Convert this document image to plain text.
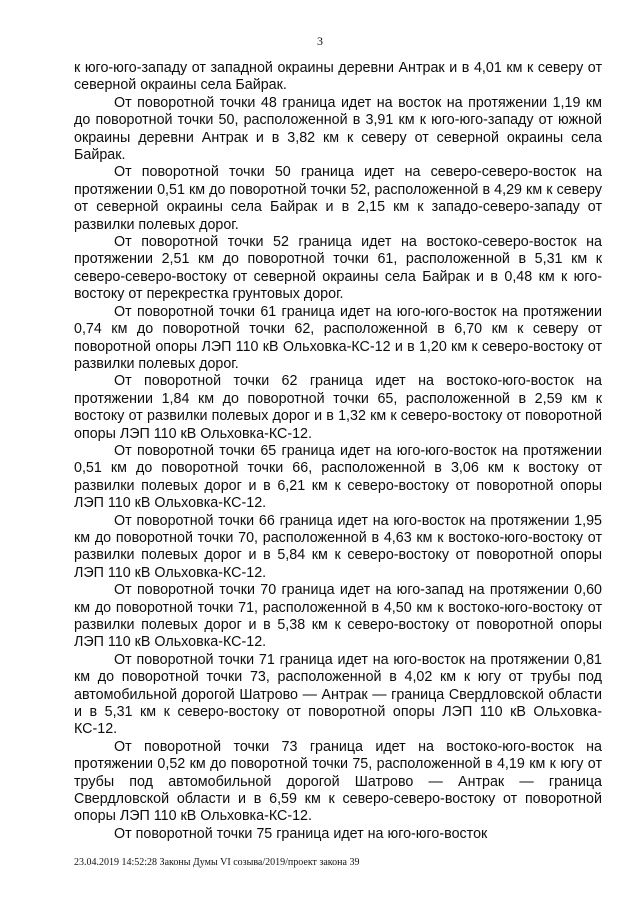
3

к юго-юго-западу от западной окраины деревни Антрак и в 4,01 км к северу от северной окраины села Байрак.

От поворотной точки 48 граница идет на восток на протяжении 1,19 км до поворотной точки 50, расположенной в 3,91 км к юго-юго-западу от южной окраины деревни Антрак и в 3,82 км к северу от северной окраины села Байрак.

От поворотной точки 50 граница идет на северо-северо-восток на протяжении 0,51 км до поворотной точки 52, расположенной в 4,29 км к северу от северной окраины села Байрак и в 2,15 км к западо-северо-западу от развилки полевых дорог.

От поворотной точки 52 граница идет на востоко-северо-восток на протяжении 2,51 км до поворотной точки 61, расположенной в 5,31 км к северо-северо-востоку от северной окраины села Байрак и в 0,48 км к юго-востоку от перекрестка грунтовых дорог.

От поворотной точки 61 граница идет на юго-юго-восток на протяжении 0,74 км до поворотной точки 62, расположенной в 6,70 км к северу от поворотной опоры ЛЭП 110 кВ Ольховка-КС-12 и в 1,20 км к северо-востоку от развилки полевых дорог.

От поворотной точки 62 граница идет на востоко-юго-восток на протяжении 1,84 км до поворотной точки 65, расположенной в 2,59 км к востоку от развилки полевых дорог и в 1,32 км к северо-востоку от поворотной опоры ЛЭП 110 кВ Ольховка-КС-12.

От поворотной точки 65 граница идет на юго-юго-восток на протяжении 0,51 км до поворотной точки 66, расположенной в 3,06 км к востоку от развилки полевых дорог и в 6,21 км к северо-востоку от поворотной опоры ЛЭП 110 кВ Ольховка-КС-12.

От поворотной точки 66 граница идет на юго-восток на протяжении 1,95 км до поворотной точки 70, расположенной в 4,63 км к востоко-юго-востоку от развилки полевых дорог и в 5,84 км к северо-востоку от поворотной опоры ЛЭП 110 кВ Ольховка-КС-12.

От поворотной точки 70 граница идет на юго-запад на протяжении 0,60 км до поворотной точки 71, расположенной в 4,50 км к востоко-юго-востоку от развилки полевых дорог и в 5,38 км к северо-востоку от поворотной опоры ЛЭП 110 кВ Ольховка-КС-12.

От поворотной точки 71 граница идет на юго-восток на протяжении 0,81 км до поворотной точки 73, расположенной в 4,02 км к югу от трубы под автомобильной дорогой Шатрово — Антрак — граница Свердловской области и в 5,31 км к северо-востоку от поворотной опоры ЛЭП 110 кВ Ольховка-КС-12.

От поворотной точки 73 граница идет на востоко-юго-восток на протяжении 0,52 км до поворотной точки 75, расположенной в 4,19 км к югу от трубы под автомобильной дорогой Шатрово — Антрак — граница Свердловской области и в 6,59 км к северо-северо-востоку от поворотной опоры ЛЭП 110 кВ Ольховка-КС-12.

От поворотной точки 75 граница идет на юго-юго-восток

23.04.2019 14:52:28 Законы Думы VI созыва/2019/проект закона 39
